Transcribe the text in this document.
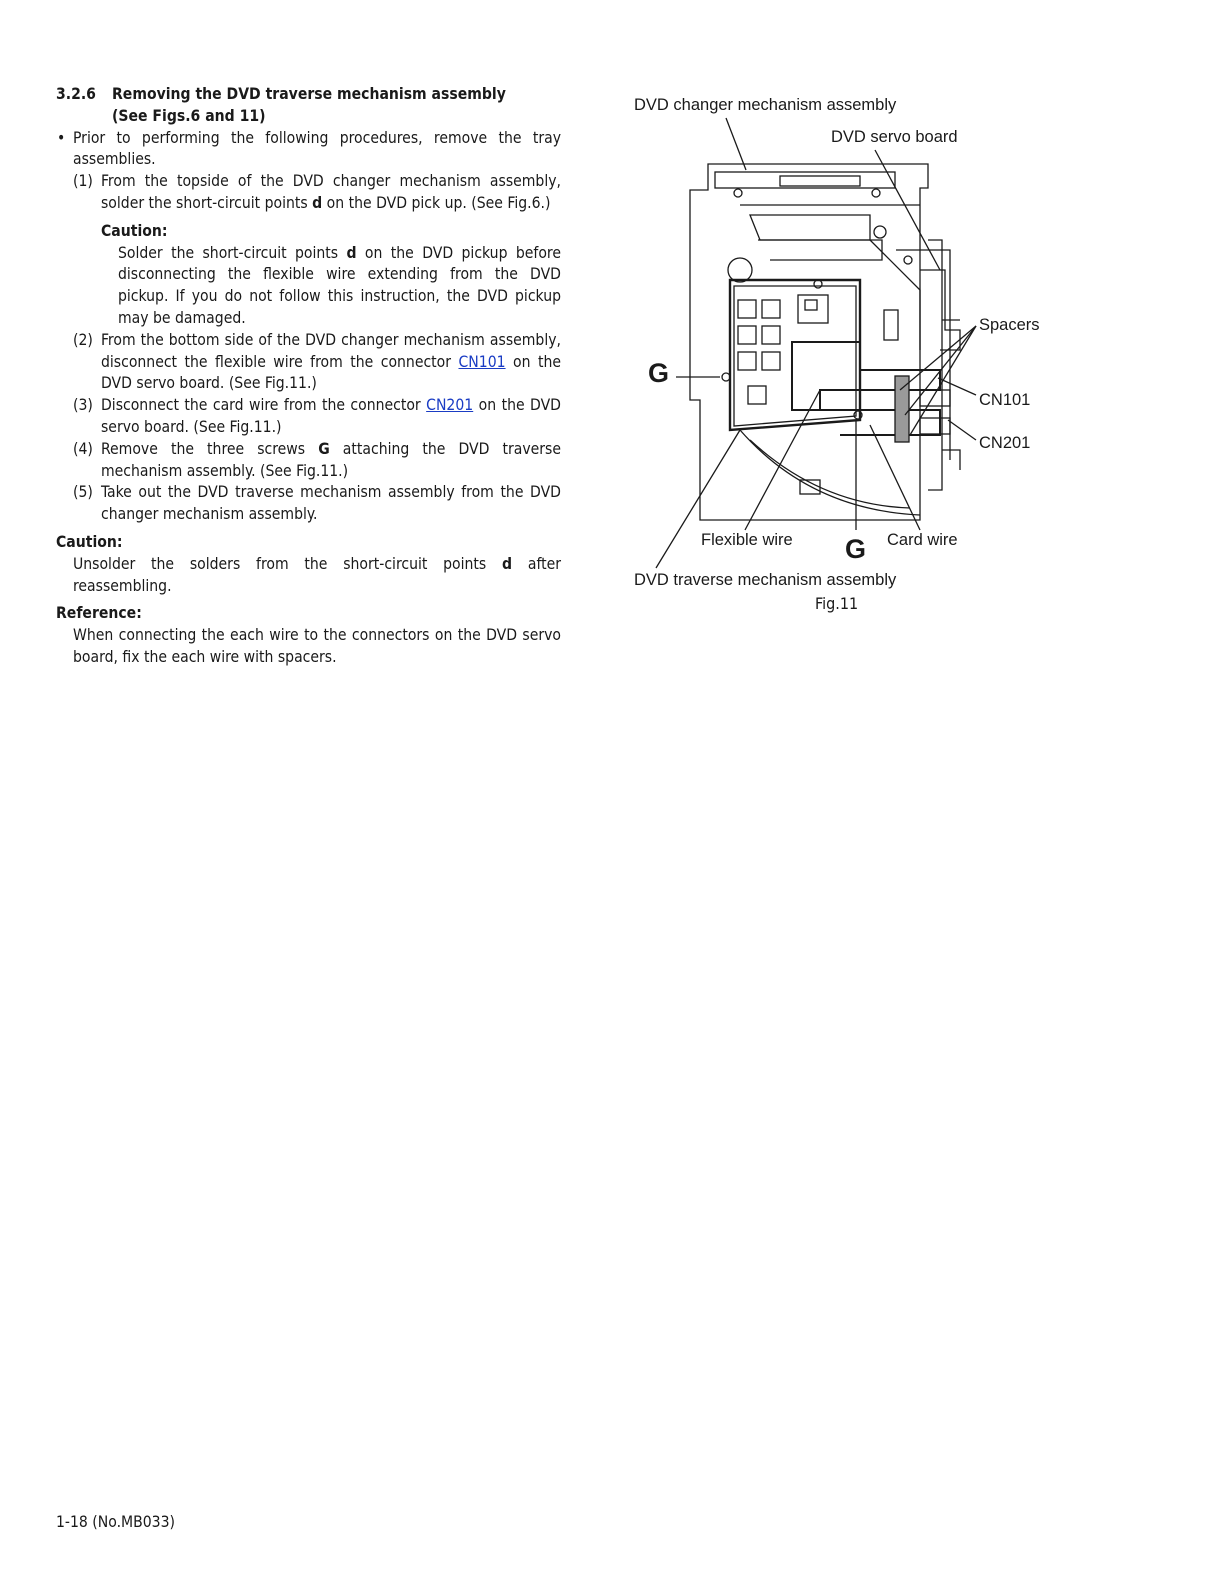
3.2.6 Removing the DVD traverse mechanism assembly
(See Figs.6 and 11)
• Prior to performing the following procedures, remove the tray assemblies.
(1) From the topside of the DVD changer mechanism assembly, solder the short-circuit points d on the DVD pick up. (See Fig.6.)
Caution:
Solder the short-circuit points d on the DVD pickup before disconnecting the flexible wire extending from the DVD pickup. If you do not follow this instruction, the DVD pickup may be damaged.
(2) From the bottom side of the DVD changer mechanism assembly, disconnect the flexible wire from the connector CN101 on the DVD servo board. (See Fig.11.)
(3) Disconnect the card wire from the connector CN201 on the DVD servo board. (See Fig.11.)
(4) Remove the three screws G attaching the DVD traverse mechanism assembly. (See Fig.11.)
(5) Take out the DVD traverse mechanism assembly from the DVD changer mechanism assembly.
Caution:
Unsolder the solders from the short-circuit points d after reassembling.
Reference:
When connecting the each wire to the connectors on the DVD servo board, fix the each wire with spacers.
DVD changer mechanism assembly
DVD servo board
Spacers
CN101
CN201
G
G
Flexible wire	Card wire
DVD traverse mechanism assembly
Fig.11
1-18 (No.MB033)
